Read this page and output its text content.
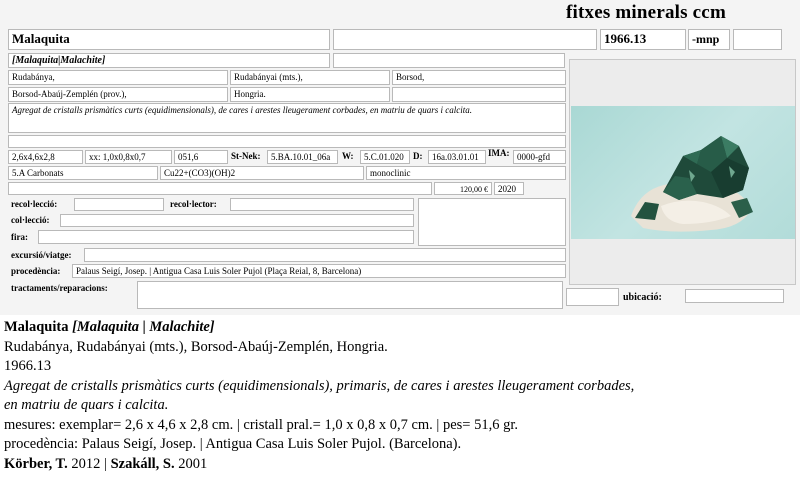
fitxes minerals ccm
Malaquita	1966.13	-mnp
[Malaquita|Malachite]
Rudabánya,	Rudabányai (mts.),	Borsod,
Borsod-Abaúj-Zemplén (prov.),	Hongria.
Agregat de cristalls prismàtics curts (equidimensionals), de cares i arestes lleugerament corbades, en matriu de quars i calcita.
2,6x4,6x2,8	xx: 1,0x0,8x0,7	051,6	St-Nek:	5.BA.10.01_06a	W:	5.C.01.020	D:	16a.03.01.01	IMA: 0000-gfd
5.A Carbonats	Cu22+(CO3)(OH)2	monoclinic
120,00 €	2020
recol·lecció:	recol·lector:
col·lecció:
fira:
excursió/viatge:
procedència:	Palaus Seigí, Josep. | Antigua Casa Luis Soler Pujol (Plaça Reial, 8, Barcelona)
tractaments/reparacions:
ubicació:
Malaquita [Malaquita | Malachite]
Rudabánya, Rudabányai (mts.), Borsod-Abaúj-Zemplén, Hongria.
1966.13
Agregat de cristalls prismàtics curts (equidimensionals), primaris, de cares i arestes lleugerament corbades,
en matriu de quars i calcita.
mesures: exemplar= 2,6 x 4,6 x 2,8 cm. | cristall pral.= 1,0 x 0,8 x 0,7 cm. | pes= 51,6 gr.
procedència: Palaus Seigí, Josep. | Antigua Casa Luis Soler Pujol. (Barcelona).
Körber, T. 2012 | Szakáll, S. 2001
